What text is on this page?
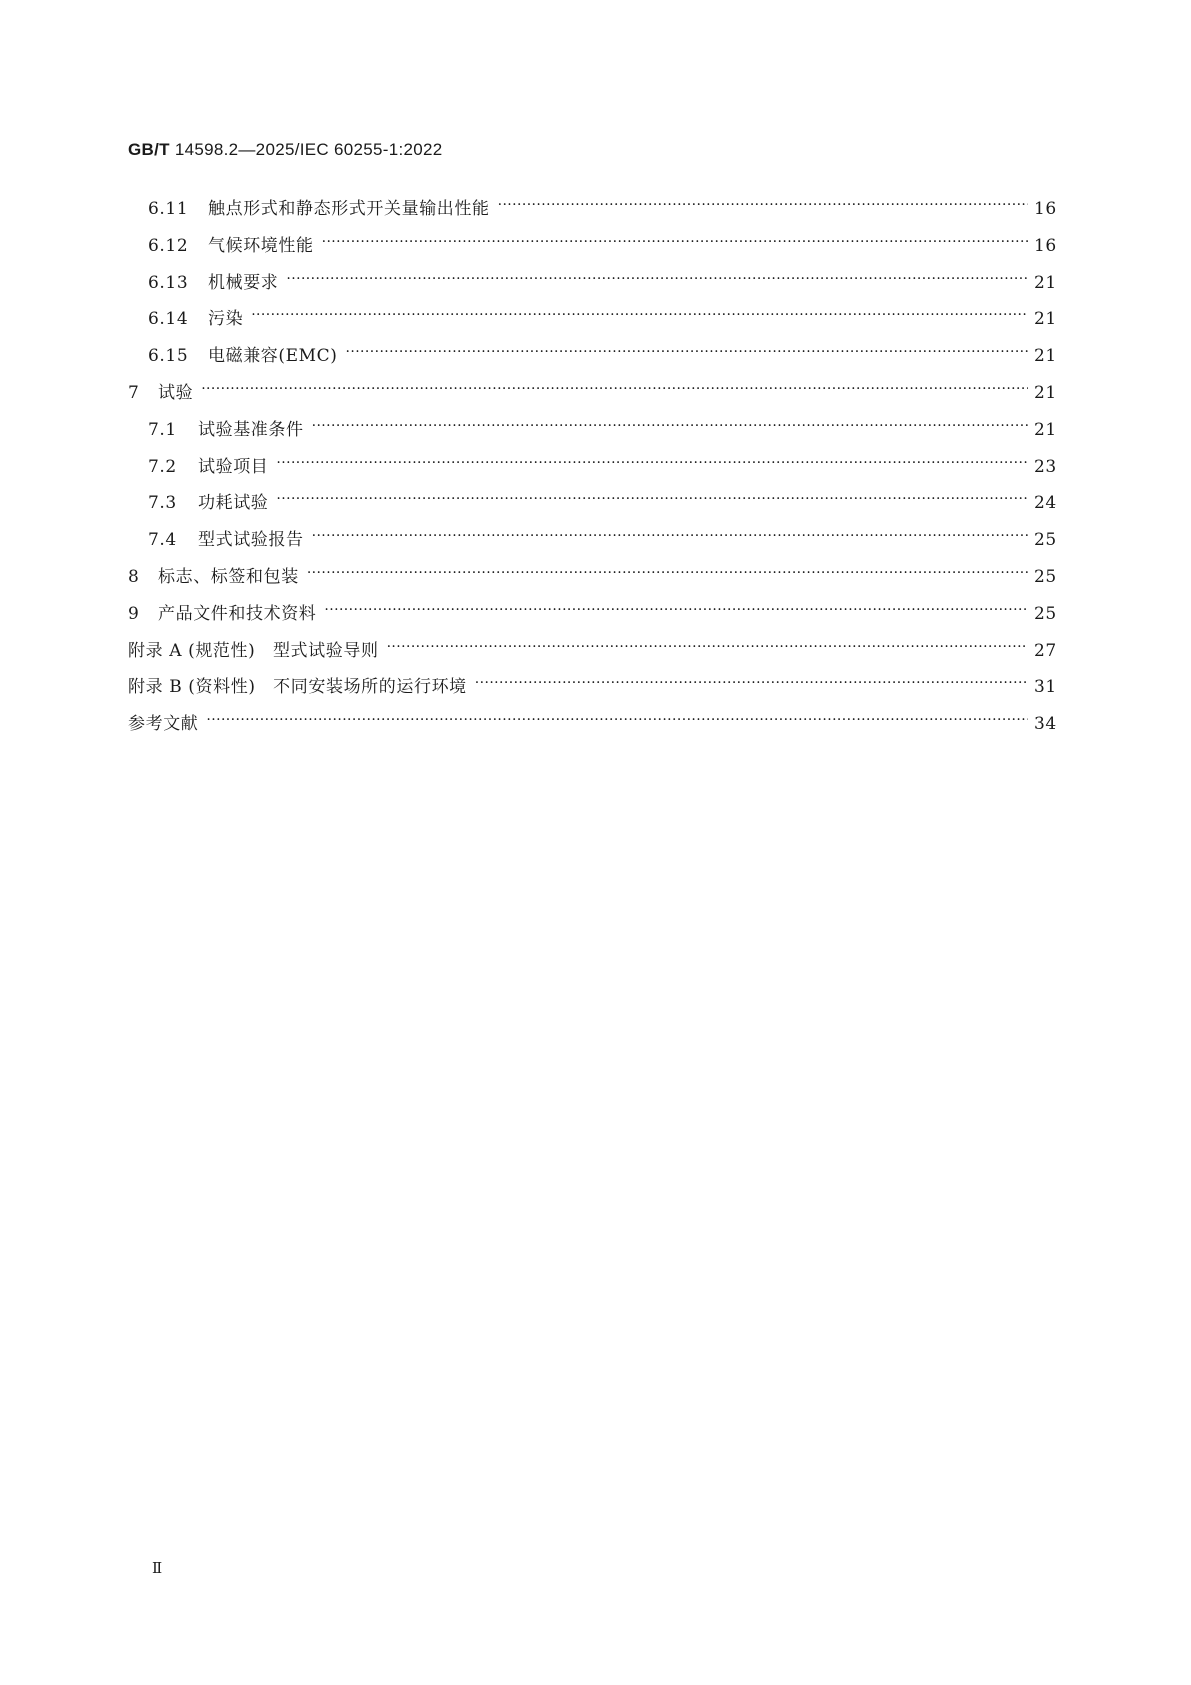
GB/T 14598.2—2025/IEC 60255-1:2022
6.11	触点形式和静态形式开关量输出性能 ·····	16
6.12	气候环境性能 ·····	16
6.13	机械要求 ·····	21
6.14	污染 ·····	21
6.15	电磁兼容(EMC) ·····	21
7	试验 ·····	21
7.1	试验基准条件 ·····	21
7.2	试验项目 ·····	23
7.3	功耗试验 ·····	24
7.4	型式试验报告 ·····	25
8	标志、标签和包装 ·····	25
9	产品文件和技术资料 ·····	25
附录 A (规范性)　型式试验导则 ·····	27
附录 B (资料性)　不同安装场所的运行环境 ·····	31
参考文献 ·····	34
Ⅱ
